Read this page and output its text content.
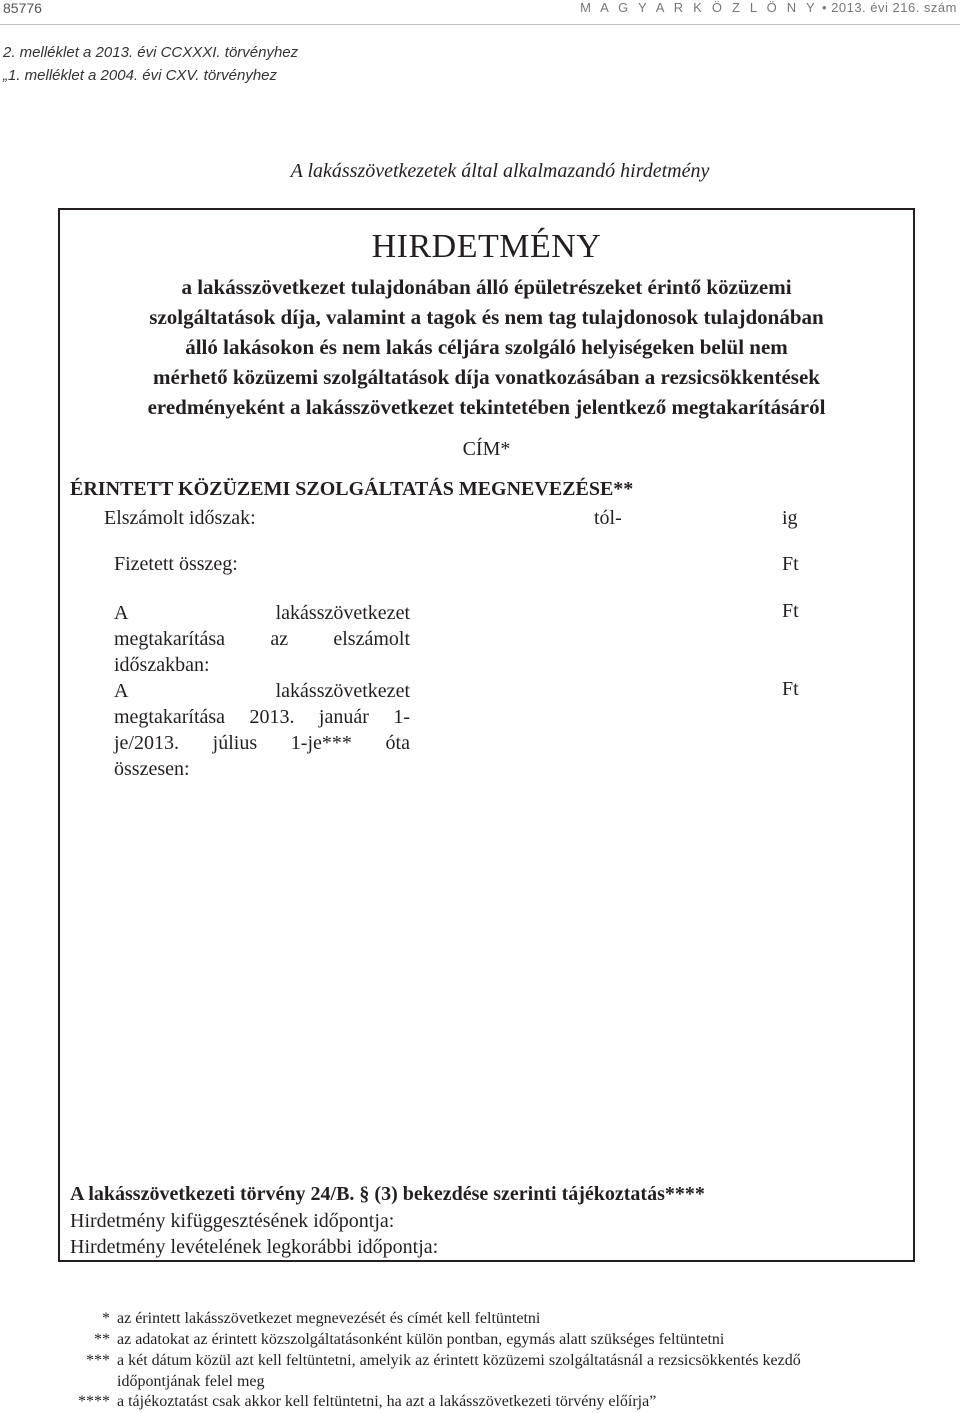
85776	M A G Y A R K Ö Z L Ö N Y • 2013. évi 216. szám
2. melléklet a 2013. évi CCXXXI. törvényhez
„1. melléklet a 2004. évi CXV. törvényhez
A lakásszövetkezetek által alkalmazandó hirdetmény
HIRDETMÉNY
a lakásszövetkezet tulajdonában álló épületrészeket érintő közüzemi
szolgáltatások díja, valamint a tagok és nem tag tulajdonosok tulajdonában
álló lakásokon és nem lakás céljára szolgáló helyiségeken belül nem
mérhető közüzemi szolgáltatások díja vonatkozásában a rezsicsökkentések
eredményeként a lakásszövetkezet tekintetében jelentkező megtakarításáról
CÍM*
ÉRINTETT KÖZÜZEMI SZOLGÁLTATÁS MEGNEVEZÉSE**
Elszámolt időszak:	tól-	ig
Fizetett összeg:	Ft
A lakásszövetkezet
megtakarítása az elszámolt
időszakban:
Ft
A lakásszövetkezet
megtakarítása 2013. január 1-
je/2013. július 1-je*** óta
összesen:
Ft
A lakásszövetkezeti törvény 24/B. § (3) bekezdése szerinti tájékoztatás****
Hirdetmény kifüggesztésének időpontja:
Hirdetmény levételének legkorábbi időpontja:
* az érintett lakásszövetkezet megnevezését és címét kell feltüntetni
** az adatokat az érintett közszolgáltatásonként külön pontban, egymás alatt szükséges feltüntetni
*** a két dátum közül azt kell feltüntetni, amelyik az érintett közüzemi szolgáltatásnál a rezsicsökkentés kezdő
időpontjának felel meg
**** a tájékoztatást csak akkor kell feltüntetni, ha azt a lakásszövetkezeti törvény előírja”
